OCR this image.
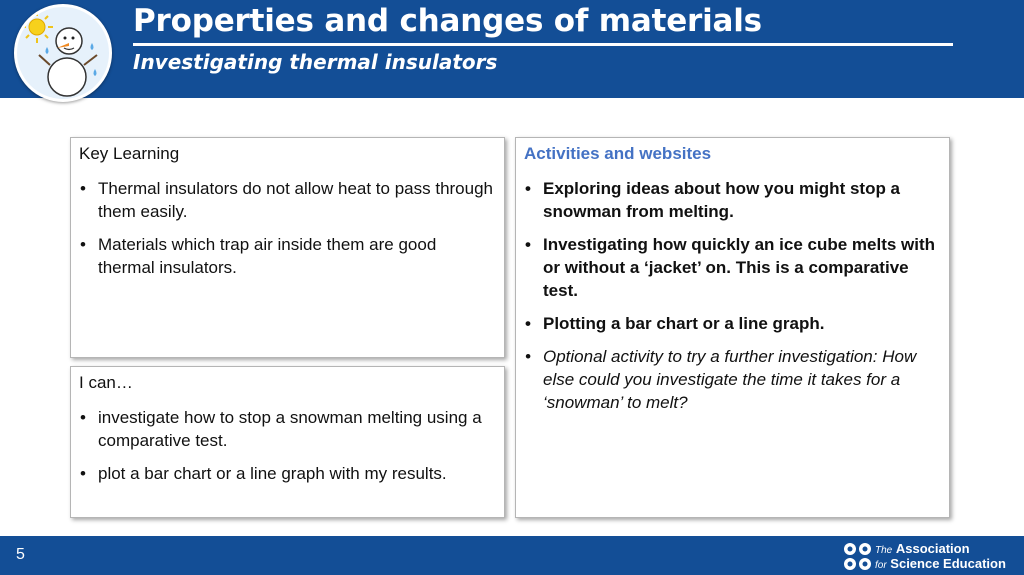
Properties and changes of materials
Investigating thermal insulators

Key Learning

• Thermal insulators do not allow heat to pass through them easily.
• Materials which trap air inside them are good thermal insulators.

I can…

• investigate how to stop a snowman melting using a comparative test.
• plot a bar chart or a line graph with my results.

Activities and websites

• Exploring ideas about how you might stop a snowman from melting.
• Investigating how quickly an ice cube melts with or without a ‘jacket’ on. This is a comparative test.
• Plotting a bar chart or a line graph.
• Optional activity to try a further investigation: How else could you investigate the time it takes for a ‘snowman’ to melt?
5	The Association
for Science Education
